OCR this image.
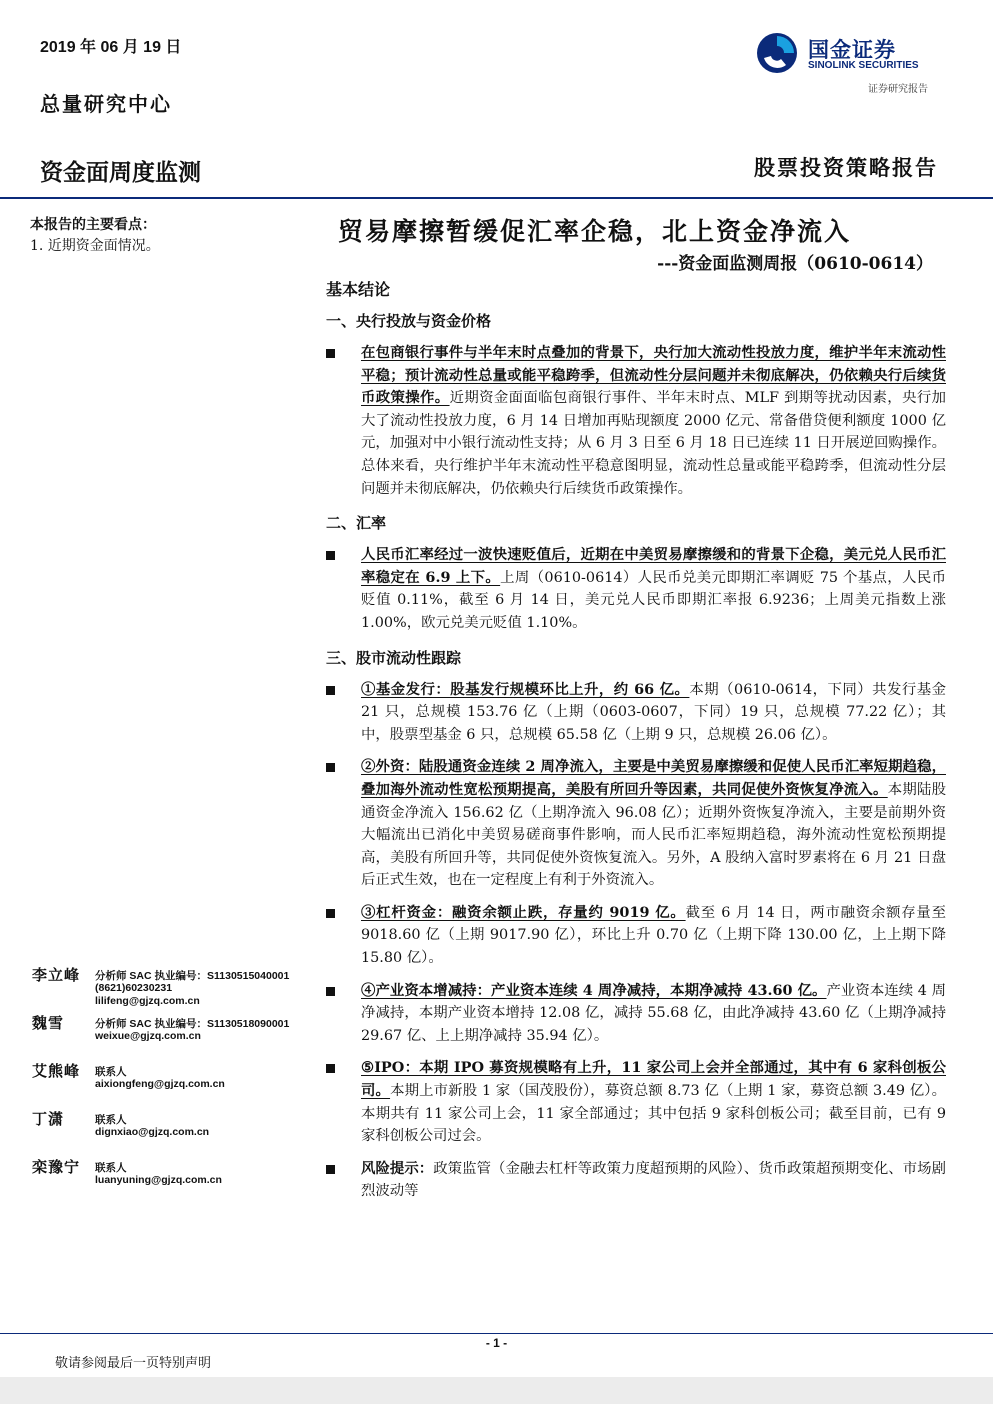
2019 年 06 月 19 日
总量研究中心
国金证券
SINOLINK SECURITIES
证券研究报告
资金面周度监测	股票投资策略报告
本报告的主要看点：
1. 近期资金面情况。	贸易摩擦暂缓促汇率企稳，北上资金净流入
---资金面监测周报（0610-0614）
基本结论
一、央行投放与资金价格
在包商银行事件与半年末时点叠加的背景下，央行加大流动性投放力度，维护半年末流动性平稳；预计流动性总量或能平稳跨季，但流动性分层问题并未彻底解决，仍依赖央行后续货币政策操作。近期资金面面临包商银行事件、半年末时点、MLF 到期等扰动因素，央行加大了流动性投放力度，6 月 14 日增加再贴现额度 2000 亿元、常备借贷便利额度 1000 亿元，加强对中小银行流动性支持；从 6 月 3 日至 6 月 18 日已连续 11 日开展逆回购操作。总体来看，央行维护半年末流动性平稳意图明显，流动性总量或能平稳跨季，但流动性分层问题并未彻底解决，仍依赖央行后续货币政策操作。
二、汇率
人民币汇率经过一波快速贬值后，近期在中美贸易摩擦缓和的背景下企稳，美元兑人民币汇率稳定在 6.9 上下。上周（0610-0614）人民币兑美元即期汇率调贬 75 个基点，人民币贬值 0.11%，截至 6 月 14 日，美元兑人民币即期汇率报 6.9236；上周美元指数上涨 1.00%，欧元兑美元贬值 1.10%。
三、股市流动性跟踪
①基金发行：股基发行规模环比上升，约 66 亿。本期（0610-0614，下同）共发行基金 21 只，总规模 153.76 亿（上期（0603-0607，下同）19 只，总规模 77.22 亿）；其中，股票型基金 6 只，总规模 65.58 亿（上期 9 只，总规模 26.06 亿）。
②外资：陆股通资金连续 2 周净流入，主要是中美贸易摩擦缓和促使人民币汇率短期趋稳，叠加海外流动性宽松预期提高，美股有所回升等因素，共同促使外资恢复净流入。本期陆股通资金净流入 156.62 亿（上期净流入 96.08 亿）；近期外资恢复净流入，主要是前期外资大幅流出已消化中美贸易磋商事件影响，而人民币汇率短期趋稳，海外流动性宽松预期提高，美股有所回升等，共同促使外资恢复流入。另外，A 股纳入富时罗素将在 6 月 21 日盘后正式生效，也在一定程度上有利于外资流入。
③杠杆资金：融资余额止跌，存量约 9019 亿。截至 6 月 14 日，两市融资余额存量至 9018.60 亿（上期 9017.90 亿），环比上升 0.70 亿（上期下降 130.00 亿，上上期下降 15.80 亿）。
④产业资本增减持：产业资本连续 4 周净减持，本期净减持 43.60 亿。产业资本连续 4 周净减持，本期产业资本增持 12.08 亿，减持 55.68 亿，由此净减持 43.60 亿（上期净减持 29.67 亿、上上期净减持 35.94 亿）。
⑤IPO：本期 IPO 募资规模略有上升，11 家公司上会并全部通过，其中有 6 家科创板公司。本期上市新股 1 家（国茂股份），募资总额 8.73 亿（上期 1 家，募资总额 3.49 亿）。本期共有 11 家公司上会，11 家全部通过；其中包括 9 家科创板公司；截至目前，已有 9 家科创板公司过会。
风险提示：政策监管（金融去杠杆等政策力度超预期的风险）、货币政策超预期变化、市场剧烈波动等
李立峰 分析师 SAC 执业编号：S1130515040001
(8621)60230231
lilifeng@gjzq.com.cn
魏雪	分析师 SAC 执业编号：S1130518090001
weixue@gjzq.com.cn
艾熊峰 联系人
aixiongfeng@gjzq.com.cn
丁潇	联系人
dignxiao@gjzq.com.cn
栾豫宁 联系人
luanyuning@gjzq.com.cn
- 1 -
敬请参阅最后一页特别声明
